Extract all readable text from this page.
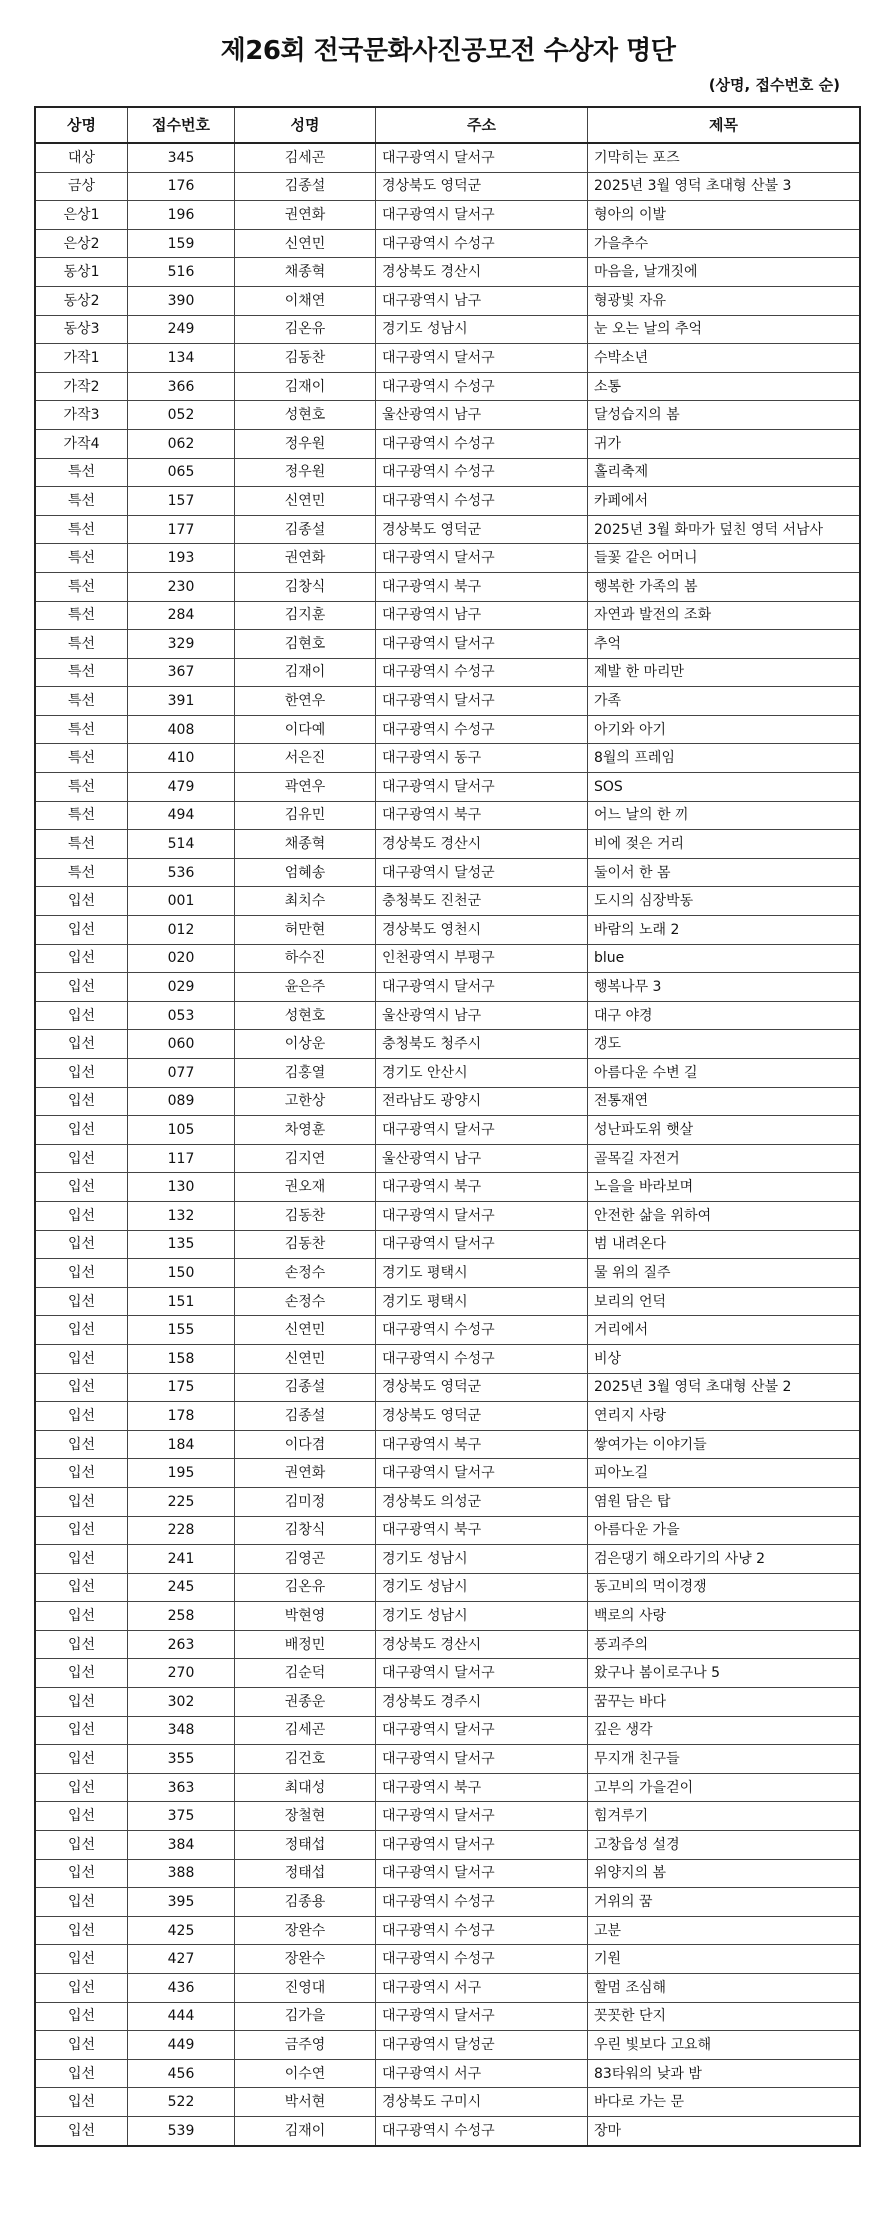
제26회 전국문화사진공모전 수상자 명단
(상명, 접수번호 순)
상명	접수번호	성명	주소	제목
대상	345	김세곤	대구광역시 달서구	기막히는 포즈
금상	176	김종설	경상북도 영덕군	2025년 3월 영덕 초대형 산불 3
은상1	196	권연화	대구광역시 달서구	형아의 이발
은상2	159	신연민	대구광역시 수성구	가을추수
동상1	516	채종혁	경상북도 경산시	마음을, 날개짓에
동상2	390	이채연	대구광역시 남구	형광빛 자유
동상3	249	김온유	경기도 성남시	눈 오는 날의 추억
가작1	134	김동찬	대구광역시 달서구	수박소년
가작2	366	김재이	대구광역시 수성구	소통
가작3	052	성현호	울산광역시 남구	달성습지의 봄
가작4	062	정우원	대구광역시 수성구	귀가
특선	065	정우원	대구광역시 수성구	홀리축제
특선	157	신연민	대구광역시 수성구	카페에서
특선	177	김종설	경상북도 영덕군	2025년 3월 화마가 덮친 영덕 서남사
특선	193	권연화	대구광역시 달서구	들꽃 같은 어머니
특선	230	김창식	대구광역시 북구	행복한 가족의 봄
특선	284	김지훈	대구광역시 남구	자연과 발전의 조화
특선	329	김현호	대구광역시 달서구	추억
특선	367	김재이	대구광역시 수성구	제발 한 마리만
특선	391	한연우	대구광역시 달서구	가족
특선	408	이다예	대구광역시 수성구	아기와 아기
특선	410	서은진	대구광역시 동구	8월의 프레임
특선	479	곽연우	대구광역시 달서구	SOS
특선	494	김유민	대구광역시 북구	어느 날의 한 끼
특선	514	채종혁	경상북도 경산시	비에 젖은 거리
특선	536	엄혜송	대구광역시 달성군	둘이서 한 몸
입선	001	최치수	충청북도 진천군	도시의 심장박동
입선	012	허만현	경상북도 영천시	바람의 노래 2
입선	020	하수진	인천광역시 부평구	blue
입선	029	윤은주	대구광역시 달서구	행복나무 3
입선	053	성현호	울산광역시 남구	대구 야경
입선	060	이상운	충청북도 청주시	갱도
입선	077	김홍열	경기도 안산시	아름다운 수변 길
입선	089	고한상	전라남도 광양시	전통재연
입선	105	차영훈	대구광역시 달서구	성난파도위 햇살
입선	117	김지연	울산광역시 남구	골목길 자전거
입선	130	권오재	대구광역시 북구	노을을 바라보며
입선	132	김동찬	대구광역시 달서구	안전한 삶을 위하여
입선	135	김동찬	대구광역시 달서구	범 내려온다
입선	150	손정수	경기도 평택시	물 위의 질주
입선	151	손정수	경기도 평택시	보리의 언덕
입선	155	신연민	대구광역시 수성구	거리에서
입선	158	신연민	대구광역시 수성구	비상
입선	175	김종설	경상북도 영덕군	2025년 3월 영덕 초대형 산불 2
입선	178	김종설	경상북도 영덕군	연리지 사랑
입선	184	이다겸	대구광역시 북구	쌓여가는 이야기들
입선	195	권연화	대구광역시 달서구	피아노길
입선	225	김미정	경상북도 의성군	염원 담은 탑
입선	228	김창식	대구광역시 북구	아름다운 가을
입선	241	김영곤	경기도 성남시	검은댕기 해오라기의 사냥 2
입선	245	김온유	경기도 성남시	동고비의 먹이경쟁
입선	258	박현영	경기도 성남시	백로의 사랑
입선	263	배정민	경상북도 경산시	풍괴주의
입선	270	김순덕	대구광역시 달서구	왔구나 봄이로구나 5
입선	302	권종운	경상북도 경주시	꿈꾸는 바다
입선	348	김세곤	대구광역시 달서구	깊은 생각
입선	355	김건호	대구광역시 달서구	무지개 친구들
입선	363	최대성	대구광역시 북구	고부의 가을걷이
입선	375	장철현	대구광역시 달서구	힘겨루기
입선	384	정태섭	대구광역시 달서구	고창읍성 설경
입선	388	정태섭	대구광역시 달서구	위양지의 봄
입선	395	김종용	대구광역시 수성구	거위의 꿈
입선	425	장완수	대구광역시 수성구	고분
입선	427	장완수	대구광역시 수성구	기원
입선	436	진영대	대구광역시 서구	할멈 조심해
입선	444	김가을	대구광역시 달서구	꼿꼿한 단지
입선	449	금주영	대구광역시 달성군	우린 빛보다 고요해
입선	456	이수연	대구광역시 서구	83타워의 낮과 밤
입선	522	박서현	경상북도 구미시	바다로 가는 문
입선	539	김재이	대구광역시 수성구	장마
